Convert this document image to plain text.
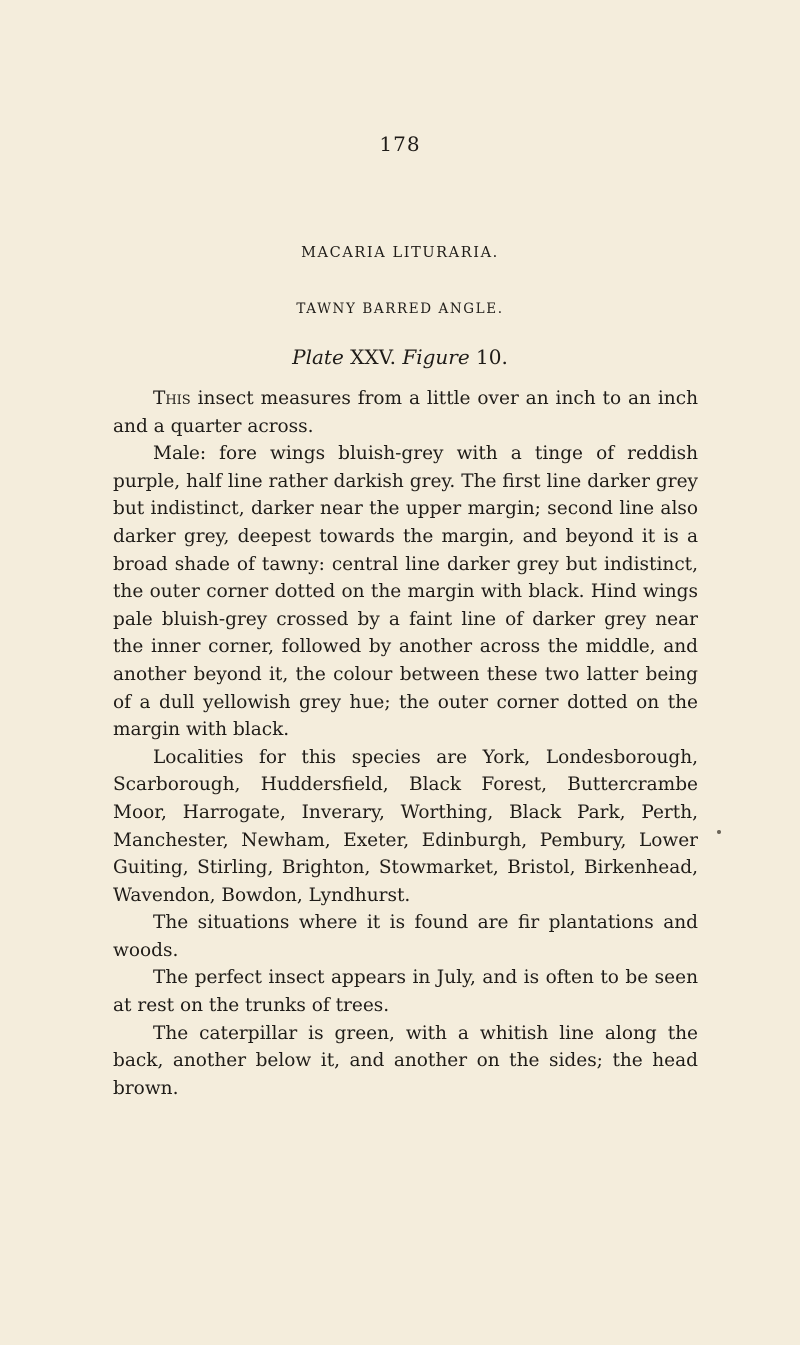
178
MACARIA LITURARIA.
TAWNY BARRED ANGLE.
Plate XXV. Figure 10.

This insect measures from a little over an inch to an inch and a quarter across.

Male: fore wings bluish-grey with a tinge of reddish purple, half line rather darkish grey. The first line darker grey but indistinct, darker near the upper margin; second line also darker grey, deepest towards the margin, and beyond it is a broad shade of tawny: central line darker grey but indistinct, the outer corner dotted on the margin with black. Hind wings pale bluish-grey crossed by a faint line of darker grey near the inner corner, followed by another across the middle, and another beyond it, the colour between these two latter being of a dull yellowish grey hue; the outer corner dotted on the margin with black.

Localities for this species are York, Londesborough, Scarborough, Huddersfield, Black Forest, Buttercrambe Moor, Harrogate, Inverary, Worthing, Black Park, Perth, Manchester, Newham, Exeter, Edinburgh, Pembury, Lower Guiting, Stirling, Brighton, Stowmarket, Bristol, Birkenhead, Wavendon, Bowdon, Lyndhurst.

The situations where it is found are fir plantations and woods.

The perfect insect appears in July, and is often to be seen at rest on the trunks of trees.

The caterpillar is green, with a whitish line along the back, another below it, and another on the sides; the head brown.
